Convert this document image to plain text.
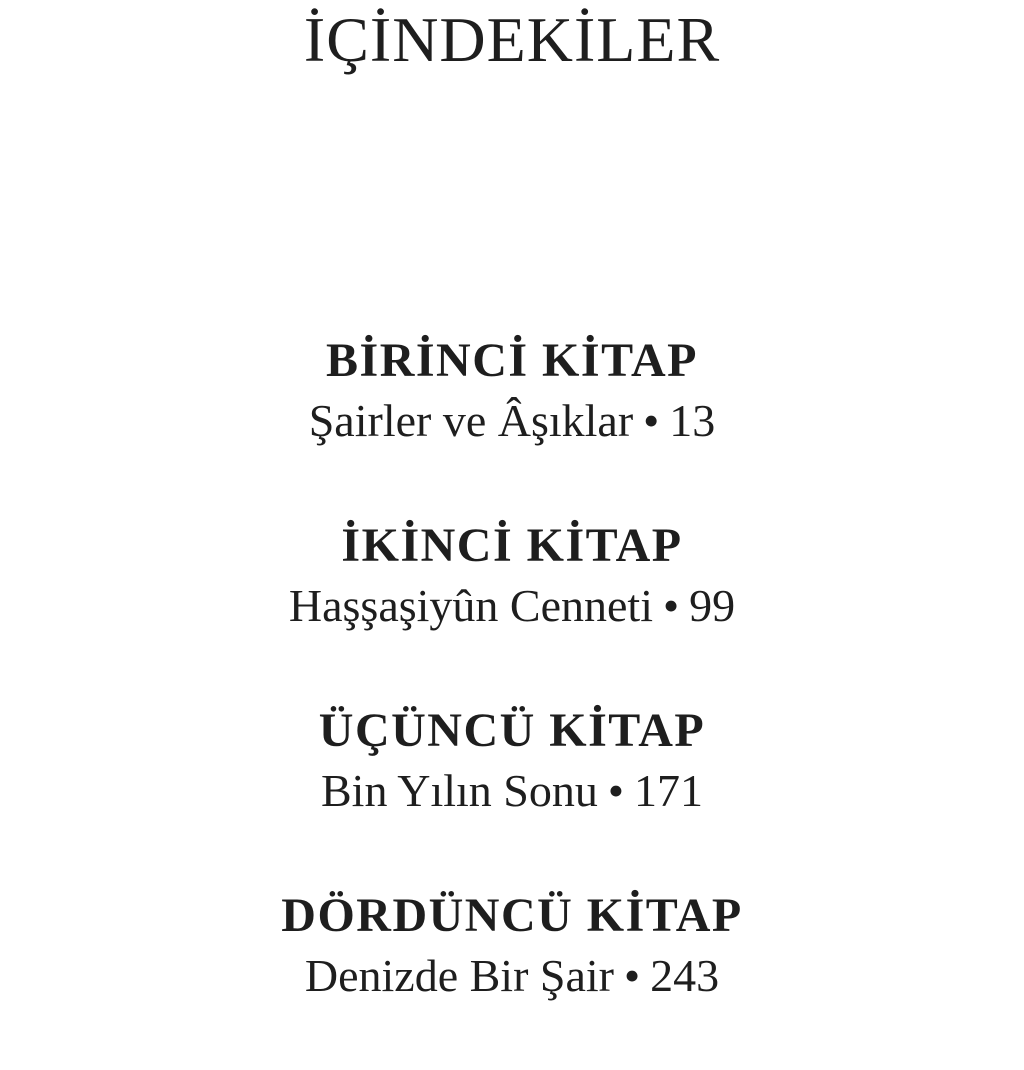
İÇİNDEKİLER

BİRİNCİ KİTAP

Şairler ve Âşıklar • 13

İKİNCİ KİTAP

Haşşaşiyûn Cenneti • 99

ÜÇÜNCÜ KİTAP

Bin Yılın Sonu • 171

DÖRDÜNCÜ KİTAP

Denizde Bir Şair • 243
